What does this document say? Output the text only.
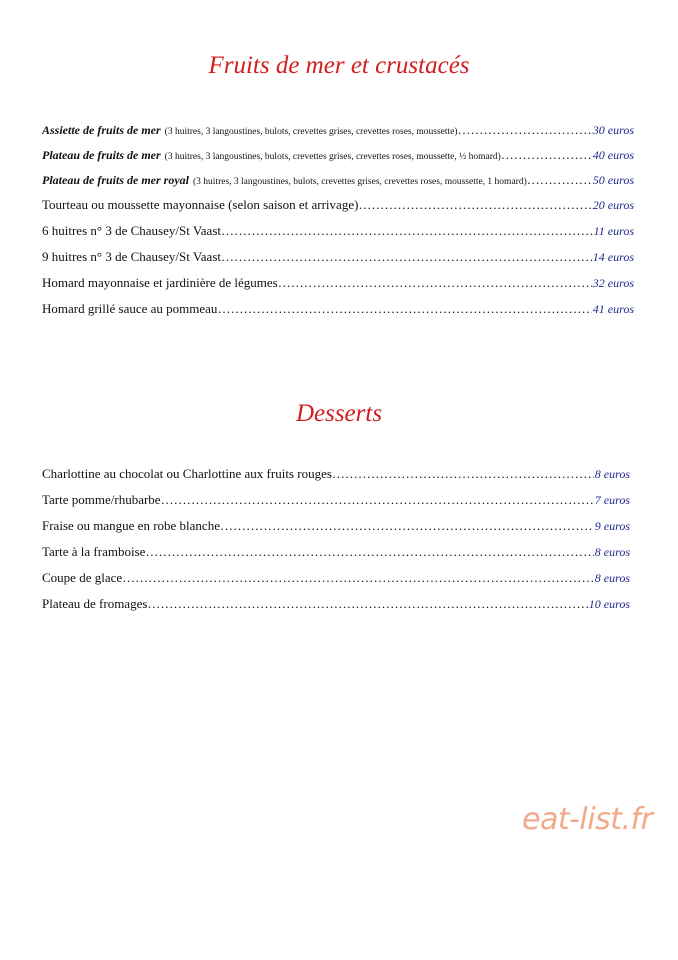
Fruits de mer et crustacés
Assiette de fruits de mer (3 huitres, 3 langoustines, bulots, crevettes grises, crevettes roses, moussette) …………………………………………………………………………………………………………………………………………………………………………………………	30 euros
Plateau de fruits de mer (3 huitres, 3 langoustines, bulots, crevettes grises, crevettes roses, moussette, ½ homard) …………………………………………………………………………………………………………………………………………………………………………………………	40 euros
Plateau de fruits de mer royal (3 huitres, 3 langoustines, bulots, crevettes grises, crevettes roses, moussette, 1 homard) …………………………………………………………………………………………………………………………………………………………………………………………	50 euros
Tourteau ou moussette mayonnaise (selon saison et arrivage) …………………………………………………………………………………………………………………………………………………………………………………………	20 euros
6 huitres n° 3 de Chausey/St Vaast …………………………………………………………………………………………………………………………………………………………………………………………	11 euros
9 huitres n° 3 de Chausey/St Vaast …………………………………………………………………………………………………………………………………………………………………………………………	14 euros
Homard mayonnaise et jardinière de légumes …………………………………………………………………………………………………………………………………………………………………………………………	32 euros
Homard grillé sauce au pommeau …………………………………………………………………………………………………………………………………………………………………………………………	41 euros
Desserts
Charlottine au chocolat ou Charlottine aux fruits rouges …………………………………………………………………………………………………………………………………………………………………………………………	8 euros
Tarte pomme/rhubarbe …………………………………………………………………………………………………………………………………………………………………………………………	7 euros
Fraise ou mangue en robe blanche …………………………………………………………………………………………………………………………………………………………………………………………	9 euros
Tarte à la framboise …………………………………………………………………………………………………………………………………………………………………………………………	8 euros
Coupe de glace …………………………………………………………………………………………………………………………………………………………………………………………	8 euros
Plateau de fromages …………………………………………………………………………………………………………………………………………………………………………………………	10 euros
eat-list.fr
